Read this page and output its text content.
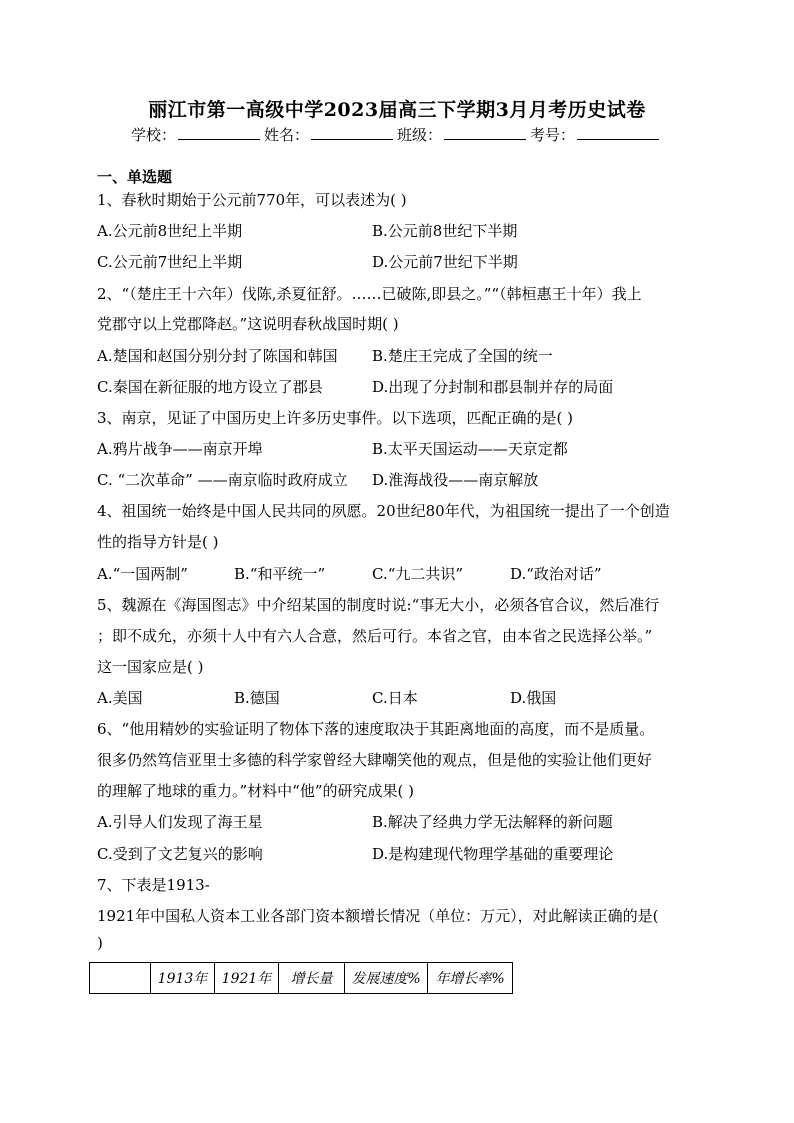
丽江市第一高级中学2023届高三下学期3月月考历史试卷
学校：	姓名：	班级：	考号：
一、单选题
1、春秋时期始于公元前770年，可以表述为( )
A.公元前8世纪上半期	B.公元前8世纪下半期
C.公元前7世纪上半期	D.公元前7世纪下半期
2、“（楚庄王十六年）伐陈,杀夏征舒。……已破陈,即县之。”“（韩桓惠王十年）我上
党郡守以上党郡降赵。”这说明春秋战国时期( )
A.楚国和赵国分别分封了陈国和韩国 B.楚庄王完成了全国的统一
C.秦国在新征服的地方设立了郡县	D.出现了分封制和郡县制并存的局面
3、南京，见证了中国历史上许多历史事件。以下选项，匹配正确的是( )
A.鸦片战争——南京开埠	B.太平天国运动——天京定都
C. “二次革命” ——南京临时政府成立 D.淮海战役——南京解放
4、祖国统一始终是中国人民共同的夙愿。20世纪80年代，为祖国统一提出了一个创造
性的指导方针是( )
A.“一国两制”	B.“和平统一”	C.“九二共识”	D.“政治对话”
5、魏源在《海国图志》中介绍某国的制度时说:“事无大小，必须各官合议，然后准行
；即不成允，亦须十人中有六人合意，然后可行。本省之官，由本省之民选择公举。”
这一国家应是( )
A.美国	B.德国	C.日本	D.俄国
6、“他用精妙的实验证明了物体下落的速度取决于其距离地面的高度，而不是质量。
很多仍然笃信亚里士多德的科学家曾经大肆嘲笑他的观点，但是他的实验让他们更好
的理解了地球的重力。”材料中“他”的研究成果( )
A.引导人们发现了海王星	B.解决了经典力学无法解释的新问题
C.受到了文艺复兴的影响	D.是构建现代物理学基础的重要理论
7、下表是1913-
1921年中国私人资本工业各部门资本额增长情况（单位：万元），对此解读正确的是(
)
	1913年	1921年	增长量	发展速度%	年增长率%
